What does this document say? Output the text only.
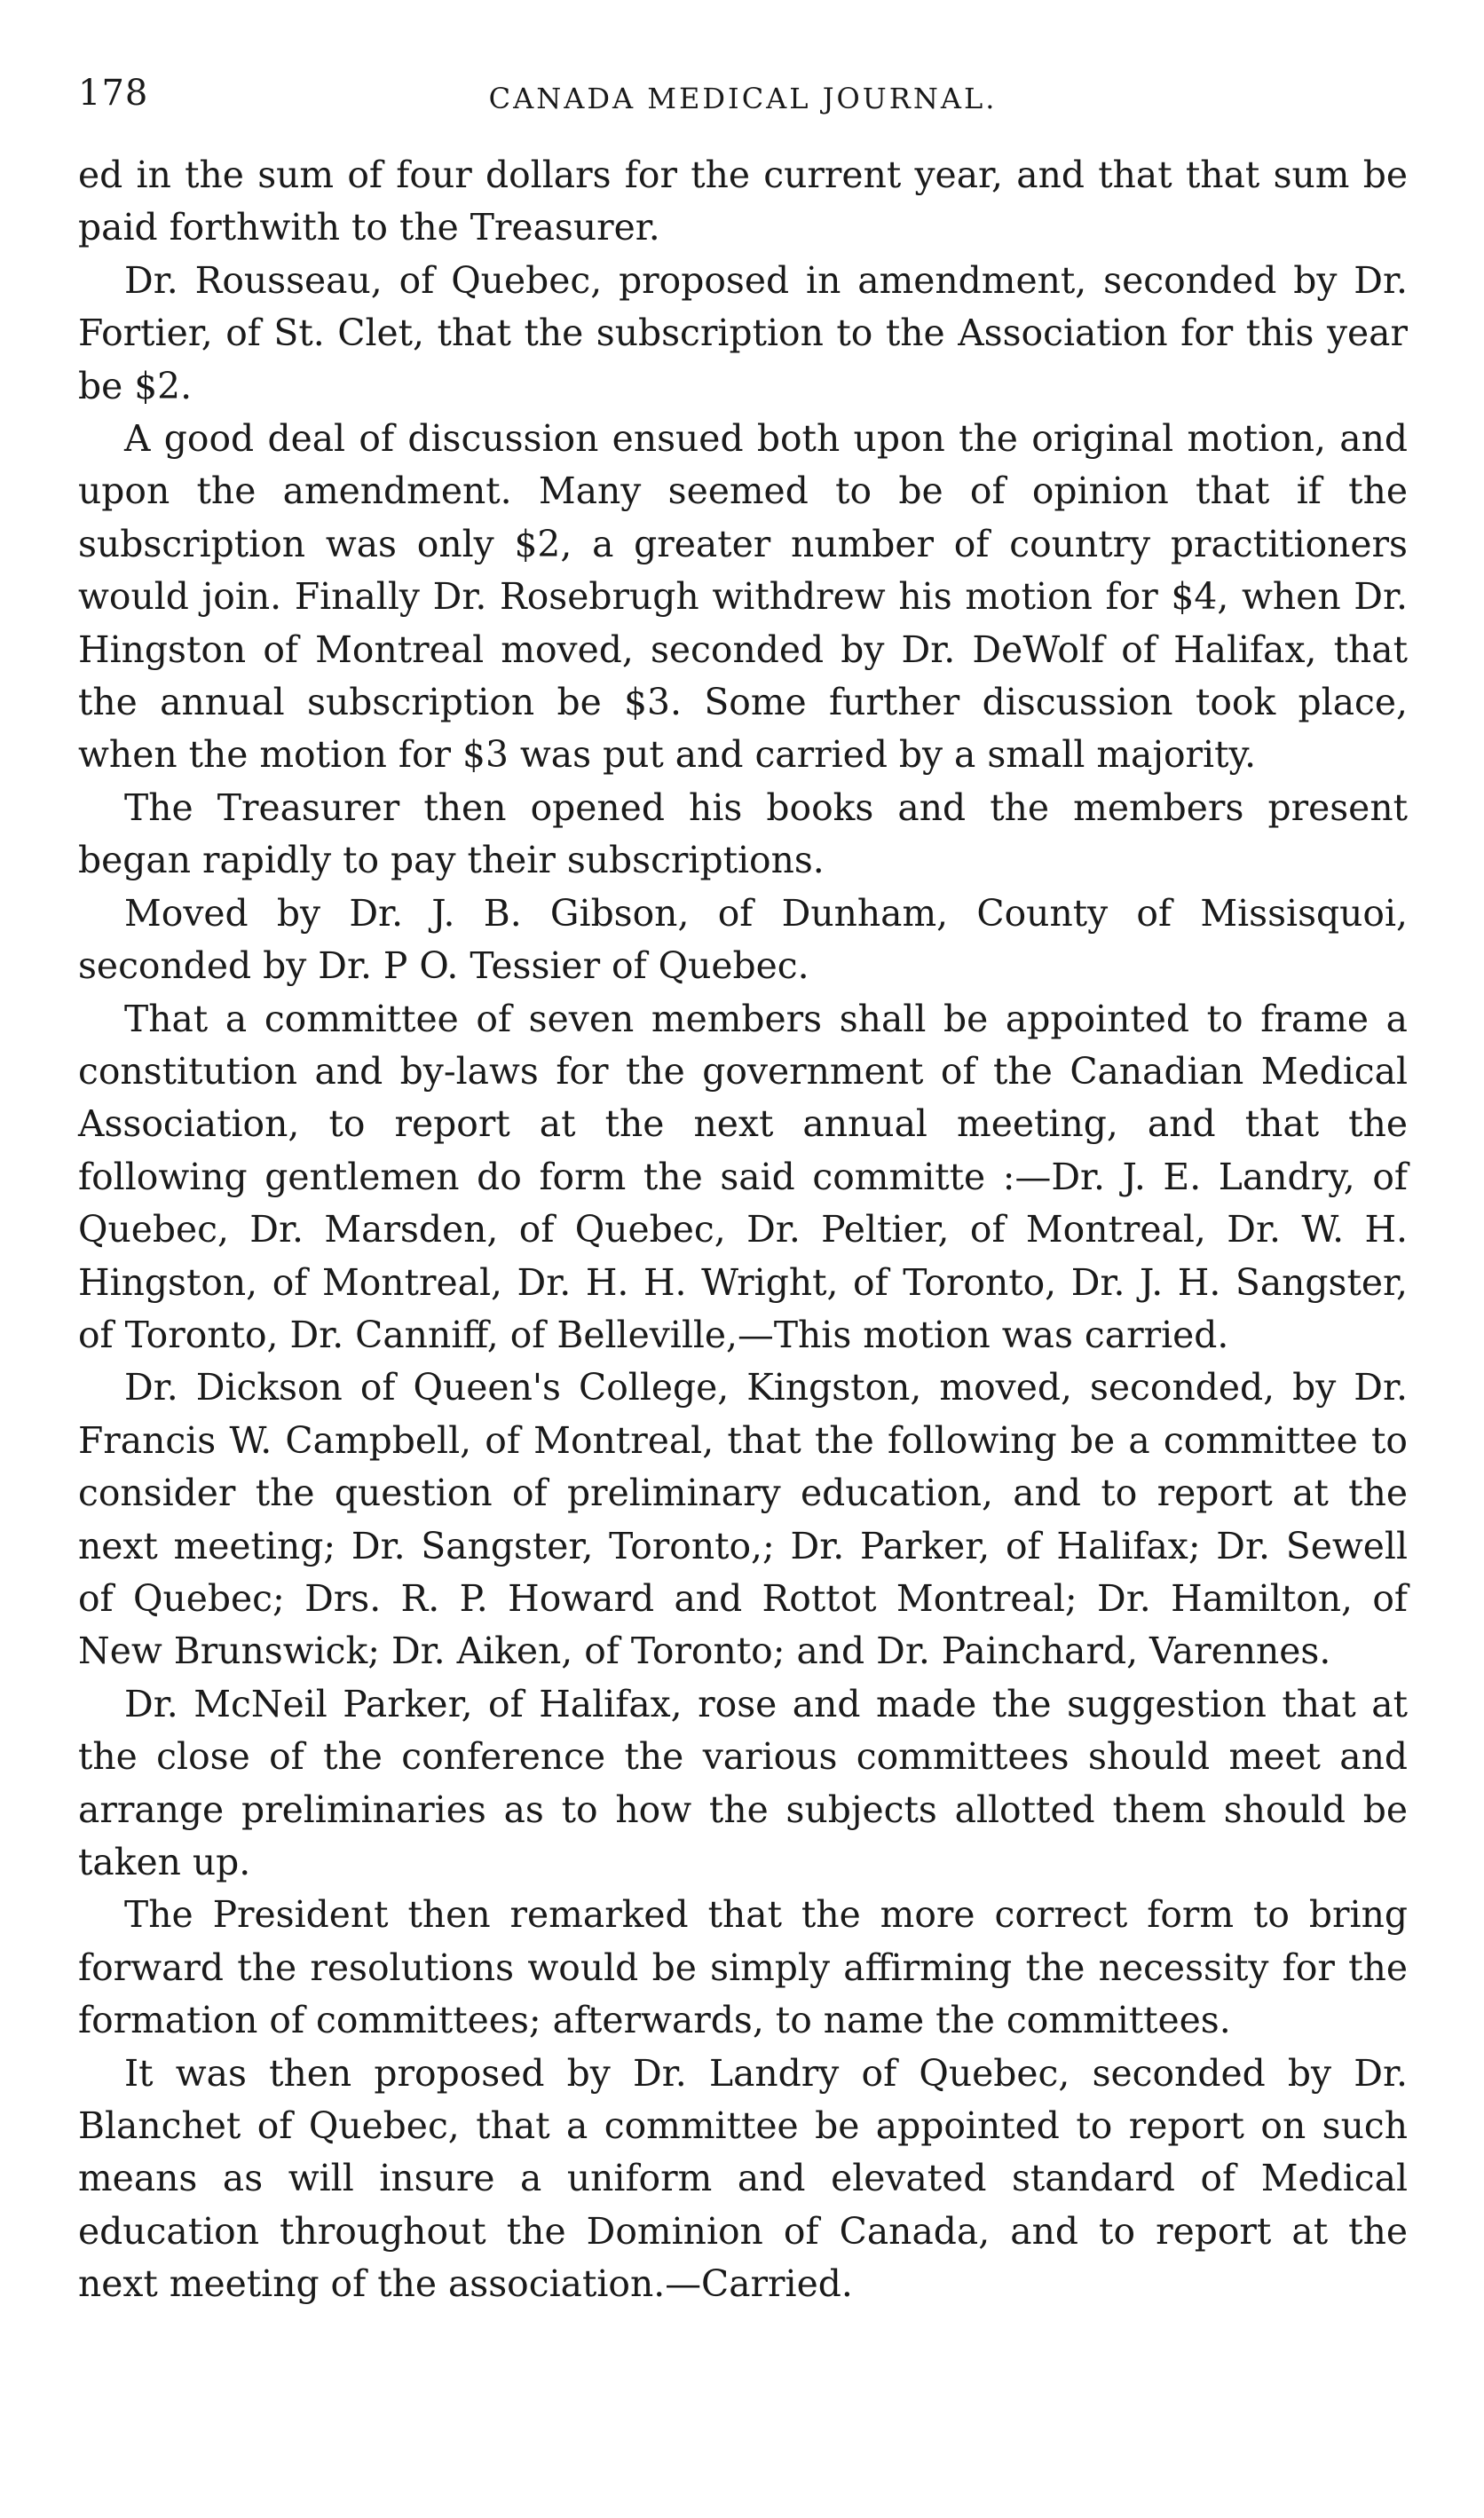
178	CANADA MEDICAL JOURNAL.

ed in the sum of four dollars for the current year, and that that sum be paid forthwith to the Treasurer.

Dr. Rousseau, of Quebec, proposed in amendment, seconded by Dr. Fortier, of St. Clet, that the subscription to the Association for this year be $2.

A good deal of discussion ensued both upon the original motion, and upon the amendment. Many seemed to be of opinion that if the subscription was only $2, a greater number of country practitioners would join. Finally Dr. Rosebrugh withdrew his motion for $4, when Dr. Hingston of Montreal moved, seconded by Dr. DeWolf of Halifax, that the annual subscription be $3. Some further discussion took place, when the motion for $3 was put and carried by a small majority.

The Treasurer then opened his books and the members present began rapidly to pay their subscriptions.

Moved by Dr. J. B. Gibson, of Dunham, County of Missisquoi, seconded by Dr. P O. Tessier of Quebec.

That a committee of seven members shall be appointed to frame a constitution and by-laws for the government of the Canadian Medical Association, to report at the next annual meeting, and that the following gentlemen do form the said committe :—Dr. J. E. Landry, of Quebec, Dr. Marsden, of Quebec, Dr. Peltier, of Montreal, Dr. W. H. Hingston, of Montreal, Dr. H. H. Wright, of Toronto, Dr. J. H. Sangster, of Toronto, Dr. Canniff, of Belleville,—This motion was carried.

Dr. Dickson of Queen's College, Kingston, moved, seconded, by Dr. Francis W. Campbell, of Montreal, that the following be a committee to consider the question of preliminary education, and to report at the next meeting; Dr. Sangster, Toronto,; Dr. Parker, of Halifax; Dr. Sewell of Quebec; Drs. R. P. Howard and Rottot Montreal; Dr. Hamilton, of New Brunswick; Dr. Aiken, of Toronto; and Dr. Painchard, Varennes.

Dr. McNeil Parker, of Halifax, rose and made the suggestion that at the close of the conference the various committees should meet and arrange preliminaries as to how the subjects allotted them should be taken up.

The President then remarked that the more correct form to bring forward the resolutions would be simply affirming the necessity for the formation of committees; afterwards, to name the committees.

It was then proposed by Dr. Landry of Quebec, seconded by Dr. Blanchet of Quebec, that a committee be appointed to report on such means as will insure a uniform and elevated standard of Medical education throughout the Dominion of Canada, and to report at the next meeting of the association.—Carried.
